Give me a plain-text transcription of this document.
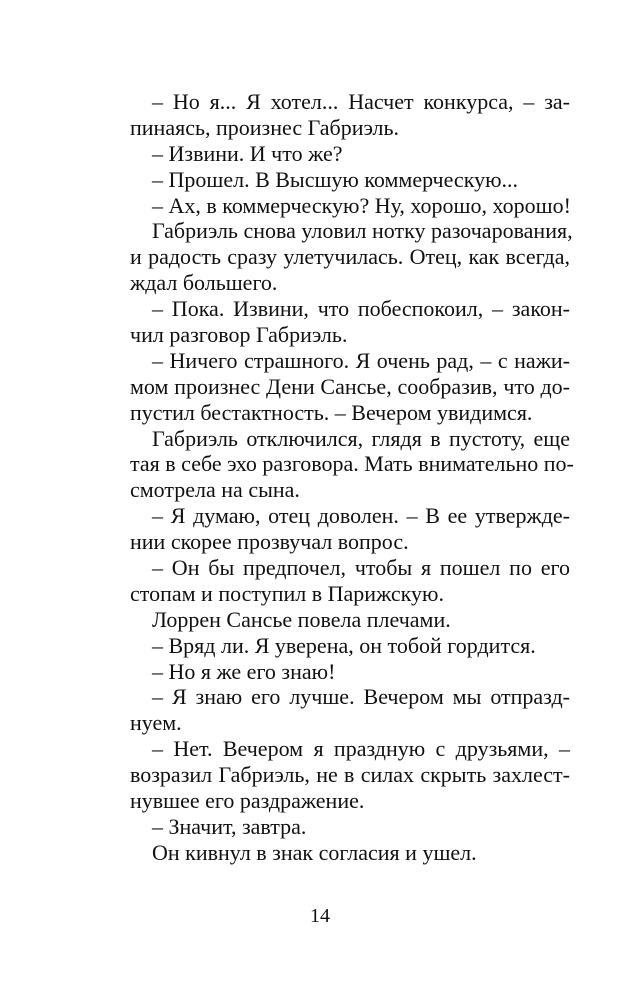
– Но я... Я хотел... Насчет конкурса, – за-
пинаясь, произнес Габриэль.
– Извини. И что же?
– Прошел. В Высшую коммерческую...
– Ах, в коммерческую? Ну, хорошо, хорошо!
Габриэль снова уловил нотку разочарования,
и радость сразу улетучилась. Отец, как всегда,
ждал большего.
– Пока. Извини, что побеспокоил, – закон-
чил разговор Габриэль.
– Ничего страшного. Я очень рад, – с нажи-
мом произнес Дени Сансье, сообразив, что до-
пустил бестактность. – Вечером увидимся.
Габриэль отключился, глядя в пустоту, еще
тая в себе эхо разговора. Мать внимательно по-
смотрела на сына.
– Я думаю, отец доволен. – В ее утвержде-
нии скорее прозвучал вопрос.
– Он бы предпочел, чтобы я пошел по его
стопам и поступил в Парижскую.
Лоррен Сансье повела плечами.
– Вряд ли. Я уверена, он тобой гордится.
– Но я же его знаю!
– Я знаю его лучше. Вечером мы отпразд-
нуем.
– Нет. Вечером я праздную с друзьями, –
возразил Габриэль, не в силах скрыть захлест-
нувшее его раздражение.
– Значит, завтра.
Он кивнул в знак согласия и ушел.
14
